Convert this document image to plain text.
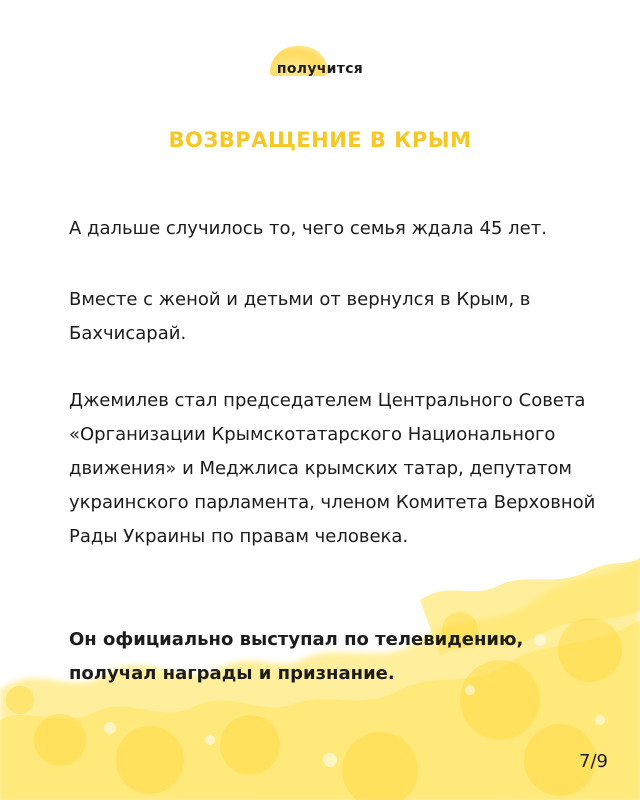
получится
ВОЗВРАЩЕНИЕ В КРЫМ

А дальше случилось то, чего семья ждала 45 лет.

Вместе с женой и детьми от вернулся в Крым, в Бахчисарай.

Джемилев стал председателем Центрального Совета «Организации Крымскотатарского Национального движения» и Меджлиса крымских татар, депутатом украинского парламента, членом Комитета Верховной Рады Украины по правам человека.

Он официально выступал по телевидению, получал награды и признание.

7/9
